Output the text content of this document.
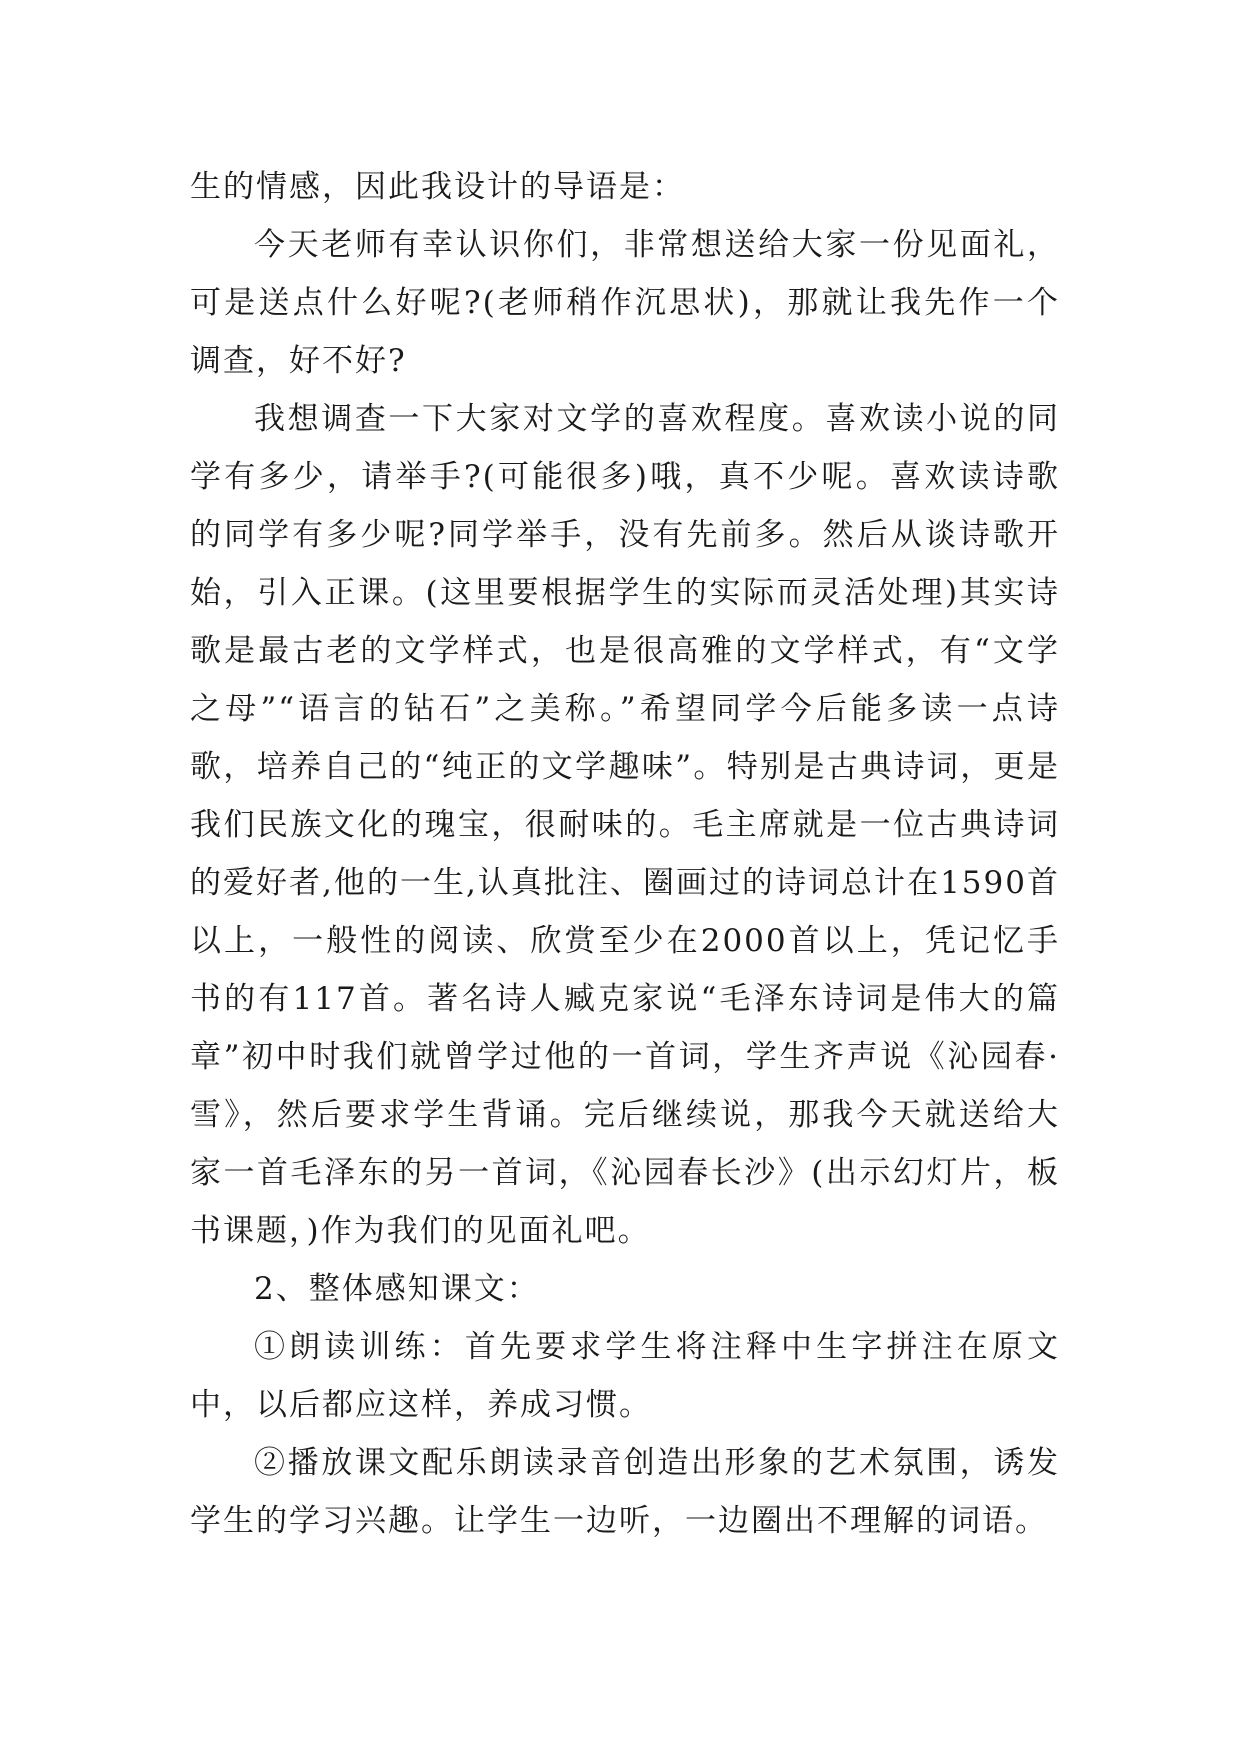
生的情感，因此我设计的导语是：

今天老师有幸认识你们，非常想送给大家一份见面礼，可是送点什么好呢?(老师稍作沉思状)，那就让我先作一个调查，好不好?

我想调查一下大家对文学的喜欢程度。喜欢读小说的同学有多少，请举手?(可能很多)哦，真不少呢。喜欢读诗歌的同学有多少呢?同学举手，没有先前多。然后从谈诗歌开始，引入正课。(这里要根据学生的实际而灵活处理)其实诗歌是最古老的文学样式，也是很高雅的文学样式，有“文学之母”“语言的钻石”之美称。”希望同学今后能多读一点诗歌，培养自己的“纯正的文学趣味”。特别是古典诗词，更是我们民族文化的瑰宝，很耐味的。毛主席就是一位古典诗词的爱好者,他的一生,认真批注、圈画过的诗词总计在1590首以上，一般性的阅读、欣赏至少在2000首以上，凭记忆手书的有117首。著名诗人臧克家说“毛泽东诗词是伟大的篇章”初中时我们就曾学过他的一首词，学生齐声说《沁园春·雪》，然后要求学生背诵。完后继续说，那我今天就送给大家一首毛泽东的另一首词，《沁园春长沙》(出示幻灯片，板书课题，)作为我们的见面礼吧。

2、整体感知课文：

①朗读训练：首先要求学生将注释中生字拼注在原文中，以后都应这样，养成习惯。

②播放课文配乐朗读录音创造出形象的艺术氛围，诱发学生的学习兴趣。让学生一边听，一边圈出不理解的词语。
